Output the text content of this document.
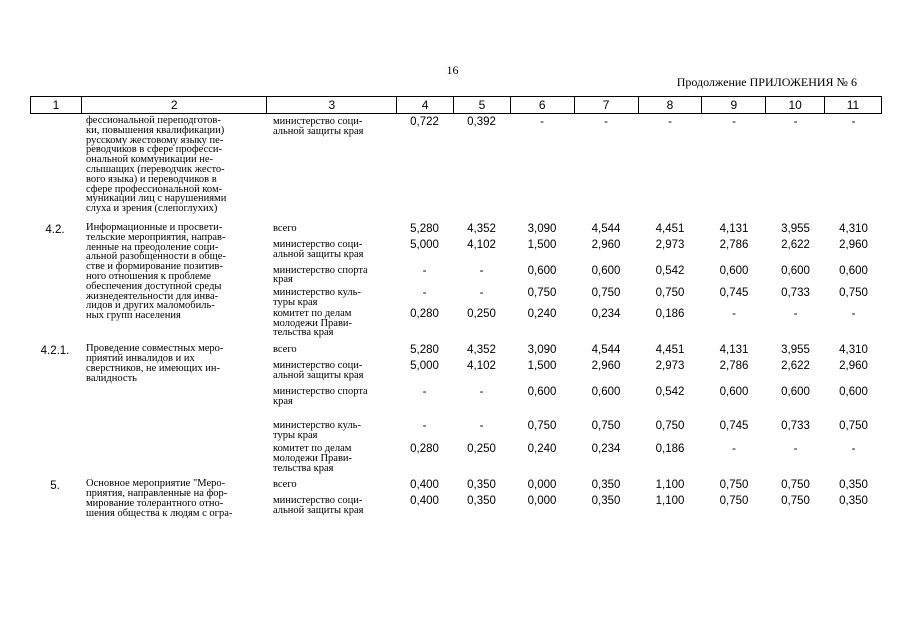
16
Продолжение ПРИЛОЖЕНИЯ № 6
1	2	3	4	5	6	7	8	9	10	11
фессиональной переподготов-
ки, повышения квалификации)
русскому жестовому языку пе-
реводчиков в сфере професси-
ональной коммуникации не-
слышащих (переводчик жесто-
вого языка) и переводчиков в
сфере профессиональной ком-
муникации лиц с нарушениями
слуха и зрения (слепоглухих)
министерство соци-
альной защиты края
0,722	0,392	-	-	-	-	-	-
4.2.	Информационные и просвети-
тельские мероприятия, направ-
ленные на преодоление соци-
альной разобщенности в обще-
стве и формирование позитив-
ного отношения к проблеме
обеспечения доступной среды
жизнедеятельности для инва-
лидов и других маломобиль-
ных групп населения
всего	5,280	4,352	3,090	4,544	4,451	4,131	3,955	4,310
министерство соци-
альной защиты края
5,000	4,102	1,500	2,960	2,973	2,786	2,622	2,960
министерство спорта
края
-	-	0,600	0,600	0,542	0,600	0,600	0,600
министерство куль-
туры края
-	-	0,750	0,750	0,750	0,745	0,733	0,750
комитет по делам
молодежи Прави-
тельства края
0,280	0,250	0,240	0,234	0,186	-	-	-
4.2.1.	Проведение совместных меро-
приятий инвалидов и их
сверстников, не имеющих ин-
валидность
всего	5,280	4,352	3,090	4,544	4,451	4,131	3,955	4,310
министерство соци-
альной защиты края
5,000	4,102	1,500	2,960	2,973	2,786	2,622	2,960
министерство спорта
края
-	-	0,600	0,600	0,542	0,600	0,600	0,600
министерство куль-
туры края
-	-	0,750	0,750	0,750	0,745	0,733	0,750
комитет по делам
молодежи Прави-
тельства края
0,280	0,250	0,240	0,234	0,186	-	-	-
5.	Основное мероприятие "Меро-
приятия, направленные на фор-
мирование толерантного отно-
шения общества к людям с огра-
всего	0,400	0,350	0,000	0,350	1,100	0,750	0,750	0,350
министерство соци-
альной защиты края
0,400	0,350	0,000	0,350	1,100	0,750	0,750	0,350
